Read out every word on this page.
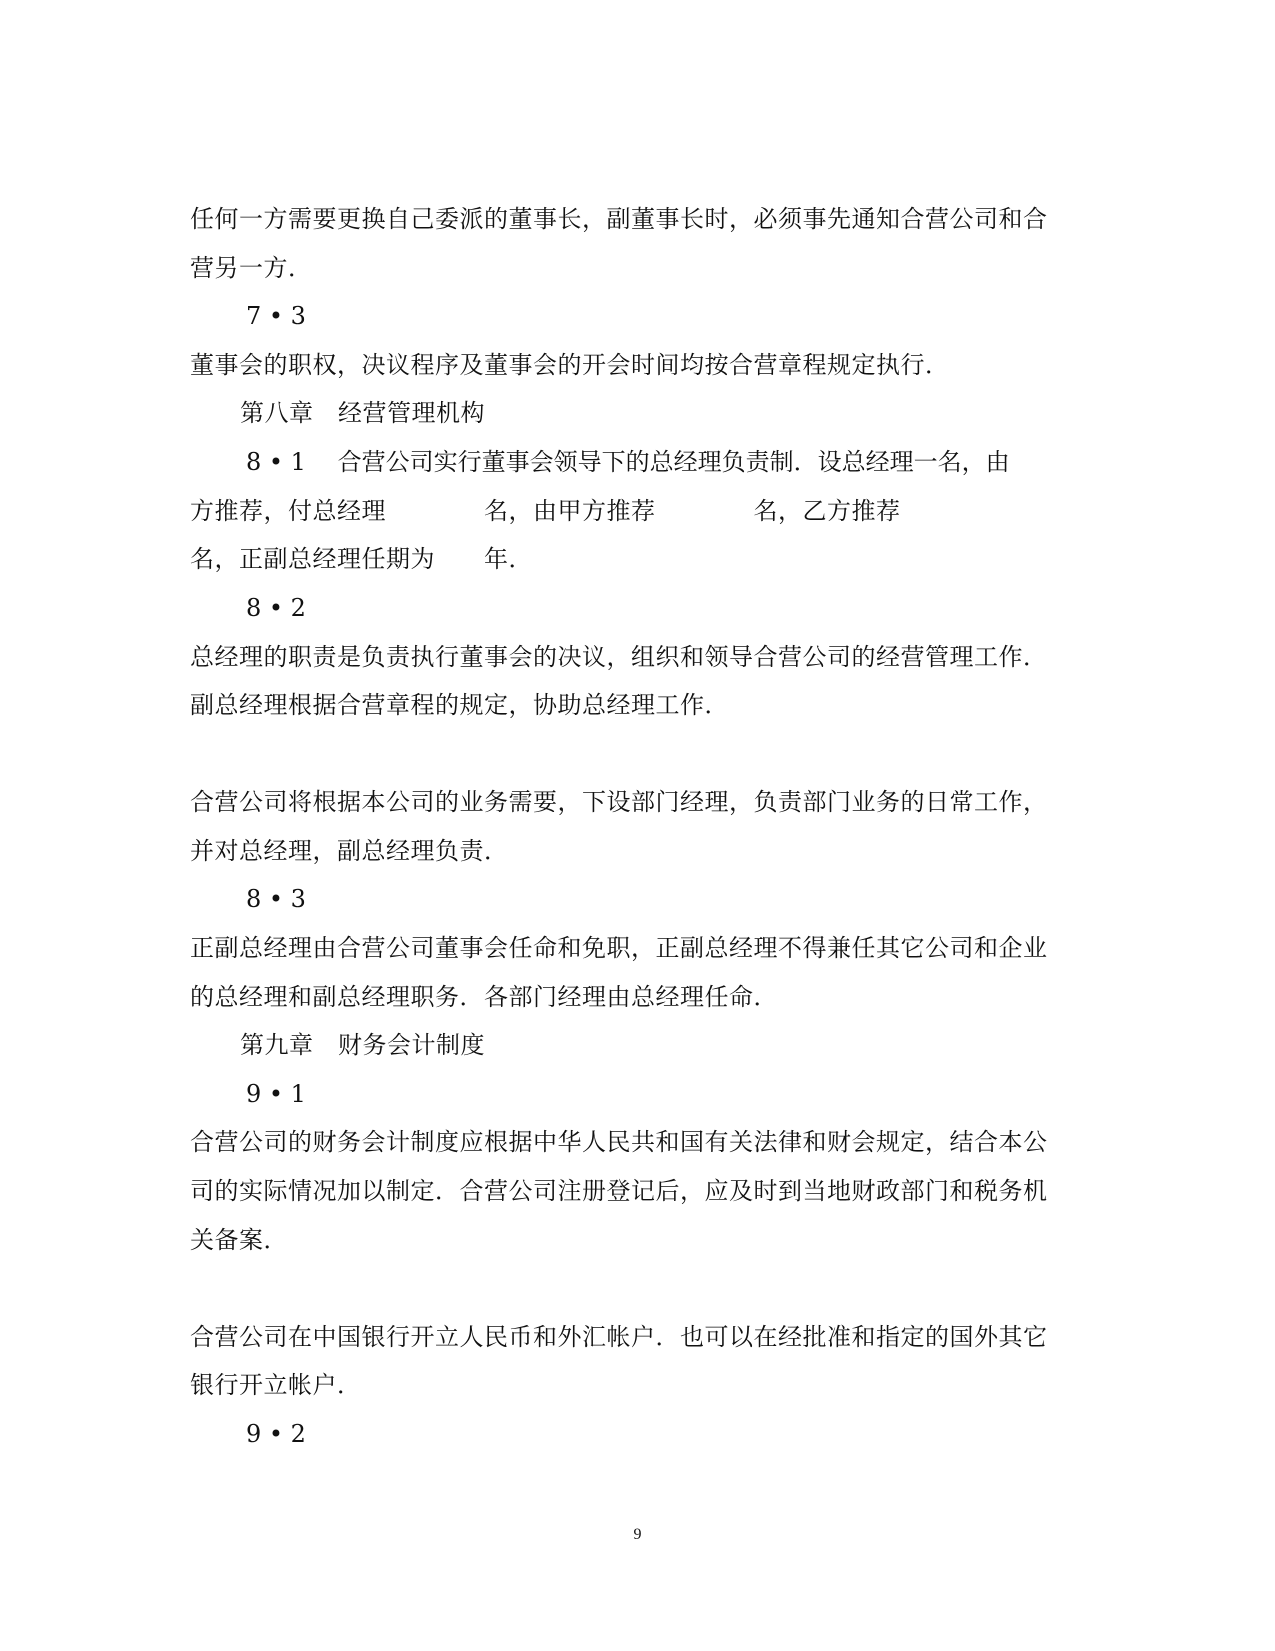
任何一方需要更换自己委派的董事长，副董事长时，必须事先通知合营公司和合
营另一方．
7 • 3
董事会的职权，决议程序及董事会的开会时间均按合营章程规定执行．
第八章　经营管理机构
8 • 1　 合营公司实行董事会领导下的总经理负责制．设总经理一名，由
方推荐，付总经理　　　　名，由甲方推荐　　　　名，乙方推荐
名，正副总经理任期为　　年．
8 • 2
总经理的职责是负责执行董事会的决议，组织和领导合营公司的经营管理工作．
副总经理根据合营章程的规定，协助总经理工作．
合营公司将根据本公司的业务需要，下设部门经理，负责部门业务的日常工作，
并对总经理，副总经理负责．
8 • 3
正副总经理由合营公司董事会任命和免职，正副总经理不得兼任其它公司和企业
的总经理和副总经理职务．各部门经理由总经理任命．
第九章　财务会计制度
9 • 1
合营公司的财务会计制度应根据中华人民共和国有关法律和财会规定，结合本公
司的实际情况加以制定．合营公司注册登记后，应及时到当地财政部门和税务机
关备案．
合营公司在中国银行开立人民币和外汇帐户．也可以在经批准和指定的国外其它
银行开立帐户．
9 • 2
9
